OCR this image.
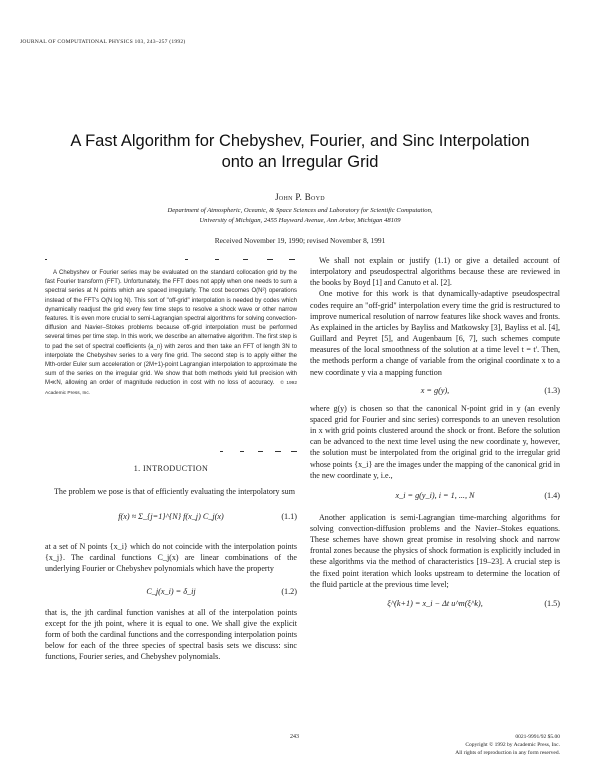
JOURNAL OF COMPUTATIONAL PHYSICS 103, 243–257 (1992)
A Fast Algorithm for Chebyshev, Fourier, and Sinc Interpolation
onto an Irregular Grid
John P. Boyd
Department of Atmospheric, Oceanic, & Space Sciences and Laboratory for Scientific Computation,
University of Michigan, 2455 Hayward Avenue, Ann Arbor, Michigan 48109
Received November 19, 1990; revised November 8, 1991

A Chebyshev or Fourier series may be evaluated on the standard collocation grid by the fast Fourier transform (FFT). Unfortunately, the FFT does not apply when one needs to sum a spectral series at N points which are spaced irregularly. The cost becomes O(N²) operations instead of the FFT's O(N log N). This sort of "off-grid" interpolation is needed by codes which dynamically readjust the grid every few time steps to resolve a shock wave or other narrow features. It is even more crucial to semi-Lagrangian spectral algorithms for solving convection-diffusion and Navier–Stokes problems because off-grid interpolation must be performed several times per time step. In this work, we describe an alternative algorithm. The first step is to pad the set of spectral coefficients {a_n} with zeros and then take an FFT of length 3N to interpolate the Chebyshev series to a very fine grid. The second step is to apply either the Mth-order Euler sum acceleration or (2M+1)-point Lagrangian interpolation to approximate the sum of the series on the irregular grid. We show that both methods yield full precision with M≪N, allowing an order of magnitude reduction in cost with no loss of accuracy. © 1992 Academic Press, Inc.

1. INTRODUCTION

The problem we pose is that of efficiently evaluating the interpolatory sum

f(x) ≈ Σ_{j=1}^{N} f(x_j) C_j(x)	(1.1)

at a set of N points {x_i} which do not coincide with the interpolation points {x_j}. The cardinal functions C_j(x) are linear combinations of the underlying Fourier or Chebyshev polynomials which have the property

C_j(x_i) = δ_ij	(1.2)

that is, the jth cardinal function vanishes at all of the interpolation points except for the jth point, where it is equal to one. We shall give the explicit form of both the cardinal functions and the corresponding interpolation points below for each of the three species of spectral basis sets we discuss: sinc functions, Fourier series, and Chebyshev polynomials.

We shall not explain or justify (1.1) or give a detailed account of interpolatory and pseudospectral algorithms because these are reviewed in the books by Boyd [1] and Canuto et al. [2].

One motive for this work is that dynamically-adaptive pseudospectral codes require an "off-grid" interpolation every time the grid is restructured to improve numerical resolution of narrow features like shock waves and fronts. As explained in the articles by Bayliss and Matkowsky [3], Bayliss et al. [4], Guillard and Peyret [5], and Augenbaum [6, 7], such schemes compute measures of the local smoothness of the solution at a time level t = t'. Then, the methods perform a change of variable from the original coordinate x to a new coordinate y via a mapping function

x = g(y),	(1.3)

where g(y) is chosen so that the canonical N-point grid in y (an evenly spaced grid for Fourier and sinc series) corresponds to an uneven resolution in x with grid points clustered around the shock or front. Before the solution can be advanced to the next time level using the new coordinate y, however, the solution must be interpolated from the original grid to the irregular grid whose points {x_i} are the images under the mapping of the canonical grid in the new coordinate y, i.e.,

x_i = g(y_i), i = 1, ..., N	(1.4)

Another application is semi-Lagrangian time-marching algorithms for solving convection-diffusion problems and the Navier–Stokes equations. These schemes have shown great promise in resolving shock and narrow frontal zones because the physics of shock formation is explicitly included in these algorithms via the method of characteristics [19–23]. A crucial step is the fixed point iteration which looks upstream to determine the location of the fluid particle at the previous time level;

ξ^(k+1) = x_i − Δt u^m(ξ^k),	(1.5)
243	0021-9991/92 $5.00
Copyright © 1992 by Academic Press, Inc.
All rights of reproduction in any form reserved.
